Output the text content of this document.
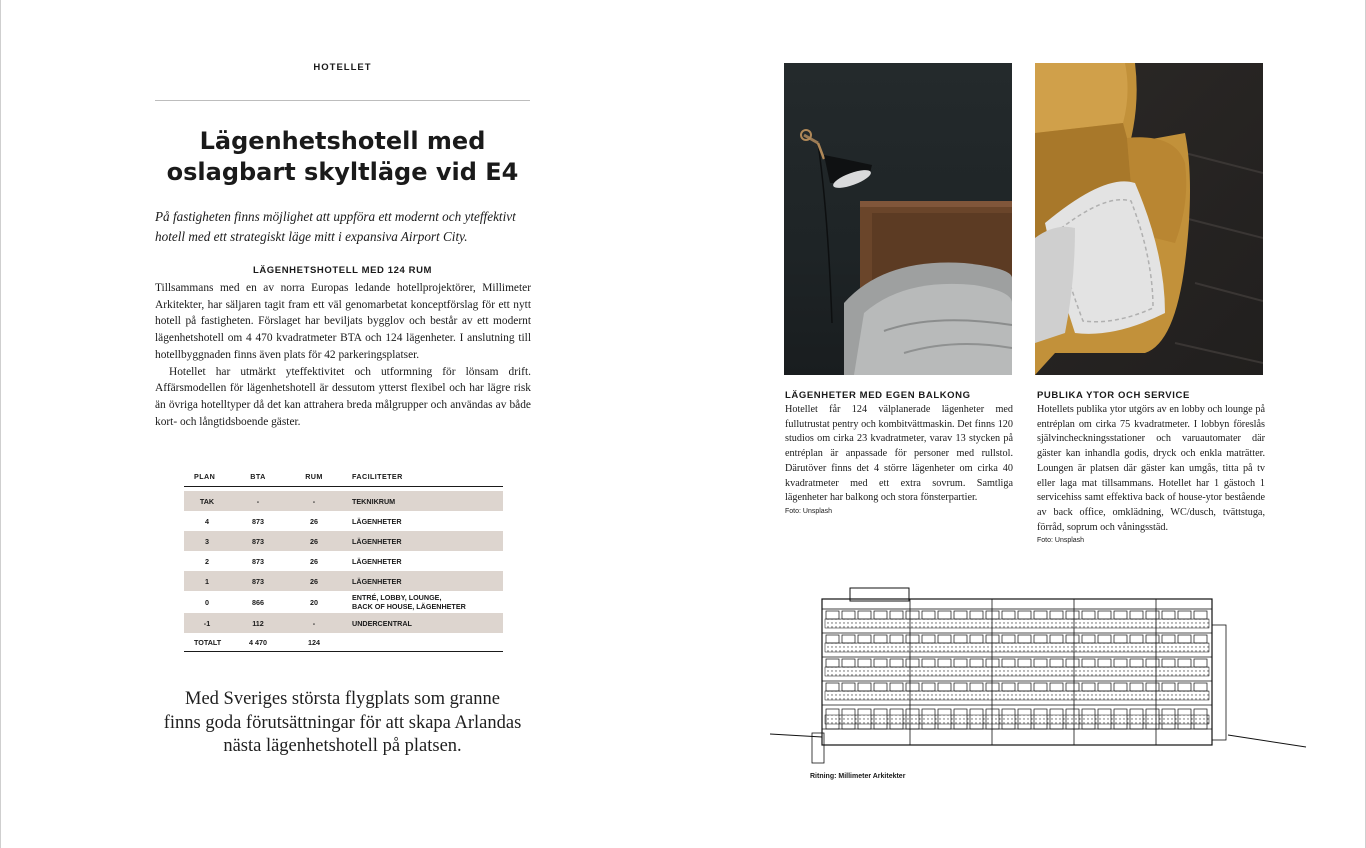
HOTELLET
Lägenhetshotell med
oslagbart skyltläge vid E4
På fastigheten finns möjlighet att uppföra ett modernt och yteffektivt hotell med ett strategiskt läge mitt i expansiva Airport City.
LÄGENHETSHOTELL MED 124 RUM

Tillsammans med en av norra Europas ledande hotellprojektörer, Millimeter Arkitekter, har säljaren tagit fram ett väl genomarbetat konceptförslag för ett nytt hotell på fastigheten. Förslaget har beviljats bygglov och består av ett modernt lägenhetshotell om 4 470 kvadratmeter BTA och 124 lägenheter. I anslutning till hotellbyggnaden finns även plats för 42 parkeringsplatser.

Hotellet har utmärkt yteffektivitet och utformning för lönsam drift. Affärsmodellen för lägenhetshotell är dessutom ytterst flexibel och har lägre risk än övriga hotelltyper då det kan attrahera breda målgrupper och användas av både kort- och långtidsboende gäster.

PLAN	BTA	RUM	FACILITETER
TAK	-	-	TEKNIKRUM
4	873	26	LÄGENHETER
3	873	26	LÄGENHETER
2	873	26	LÄGENHETER
1	873	26	LÄGENHETER
0	866	20	ENTRÉ, LOBBY, LOUNGE,
BACK OF HOUSE, LÄGENHETER
-1	112	-	UNDERCENTRAL
TOTALT	4 470	124
Med Sveriges största flygplats som granne
finns goda förutsättningar för att skapa Arlandas
nästa lägenhetshotell på platsen.
LÄGENHETER MED EGEN BALKONG
Hotellet får 124 välplanerade lägenheter med fullutrustat pentry och kombitvättmaskin. Det finns 120 studios om cirka 23 kvadratmeter, varav 13 stycken på entréplan är anpassade för personer med rullstol. Därutöver finns det 4 större lägenheter om cirka 40 kvadratmeter med ett extra sovrum. Samtliga lägenheter har balkong och stora fönsterpartier.
Foto: Unsplash
PUBLIKA YTOR OCH SERVICE
Hotellets publika ytor utgörs av en lobby och lounge på entréplan om cirka 75 kvadratmeter. I lobbyn föreslås självincheckningsstationer och varuautomater där gäster kan inhandla godis, dryck och enkla maträtter. Loungen är platsen där gäster kan umgås, titta på tv eller laga mat tillsammans. Hotellet har 1 gästoch 1 servicehiss samt effektiva back of house-ytor bestående av back office, omklädning, WC/dusch, tvättstuga, förråd, soprum och våningsstäd.
Foto: Unsplash
Ritning: Millimeter Arkitekter
